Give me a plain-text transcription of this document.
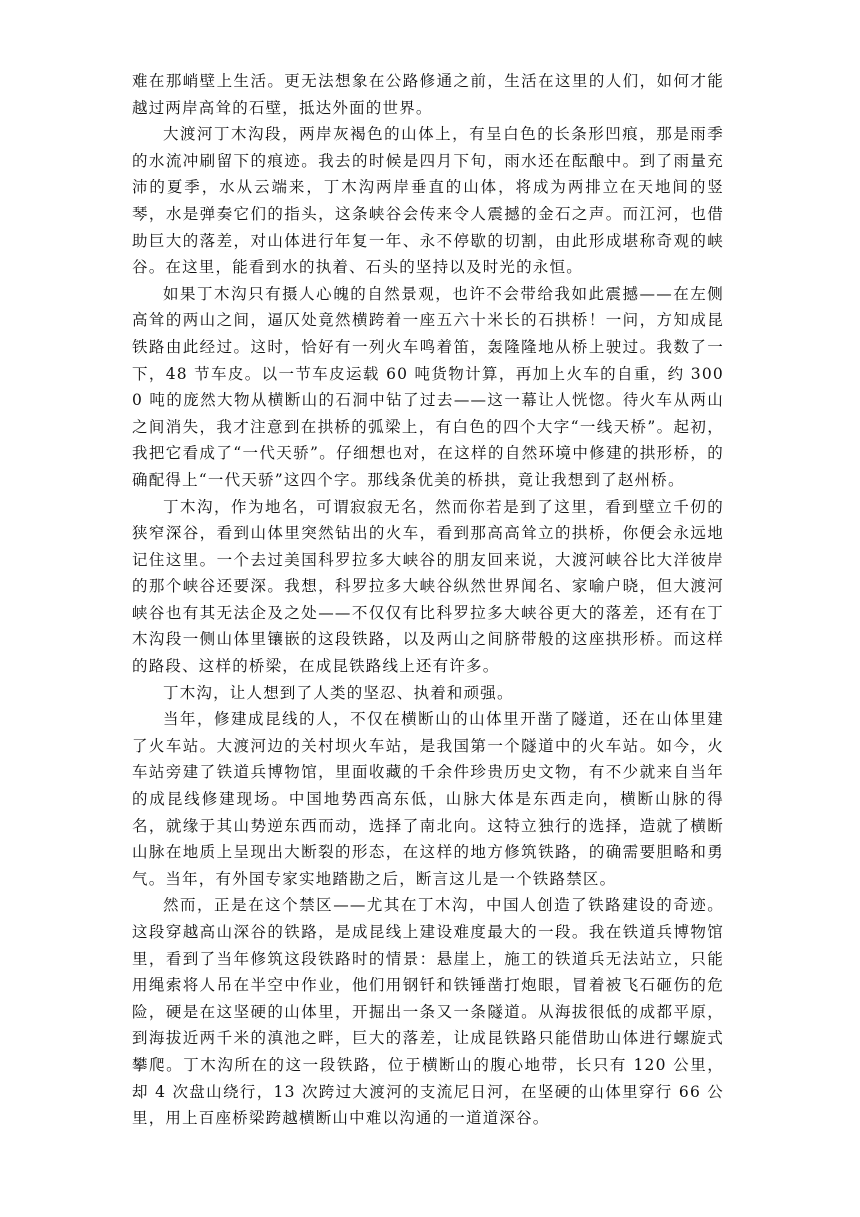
难在那峭壁上生活。更无法想象在公路修通之前，生活在这里的人们，如何才能越过两岸高耸的石壁，抵达外面的世界。

大渡河丁木沟段，两岸灰褐色的山体上，有呈白色的长条形凹痕，那是雨季的水流冲刷留下的痕迹。我去的时候是四月下旬，雨水还在酝酿中。到了雨量充沛的夏季，水从云端来，丁木沟两岸垂直的山体，将成为两排立在天地间的竖琴，水是弹奏它们的指头，这条峡谷会传来令人震撼的金石之声。而江河，也借助巨大的落差，对山体进行年复一年、永不停歇的切割，由此形成堪称奇观的峡谷。在这里，能看到水的执着、石头的坚持以及时光的永恒。

如果丁木沟只有摄人心魄的自然景观，也许不会带给我如此震撼——在左侧高耸的两山之间，逼仄处竟然横跨着一座五六十米长的石拱桥！一问，方知成昆铁路由此经过。这时，恰好有一列火车鸣着笛，轰隆隆地从桥上驶过。我数了一下，48 节车皮。以一节车皮运载 60 吨货物计算，再加上火车的自重，约 3000 吨的庞然大物从横断山的石洞中钻了过去——这一幕让人恍惚。待火车从两山之间消失，我才注意到在拱桥的弧梁上，有白色的四个大字“一线天桥”。起初，我把它看成了“一代天骄”。仔细想也对，在这样的自然环境中修建的拱形桥，的确配得上“一代天骄”这四个字。那线条优美的桥拱，竟让我想到了赵州桥。

丁木沟，作为地名，可谓寂寂无名，然而你若是到了这里，看到壁立千仞的狭窄深谷，看到山体里突然钻出的火车，看到那高高耸立的拱桥，你便会永远地记住这里。一个去过美国科罗拉多大峡谷的朋友回来说，大渡河峡谷比大洋彼岸的那个峡谷还要深。我想，科罗拉多大峡谷纵然世界闻名、家喻户晓，但大渡河峡谷也有其无法企及之处——不仅仅有比科罗拉多大峡谷更大的落差，还有在丁木沟段一侧山体里镶嵌的这段铁路，以及两山之间脐带般的这座拱形桥。而这样的路段、这样的桥梁，在成昆铁路线上还有许多。

丁木沟，让人想到了人类的坚忍、执着和顽强。

当年，修建成昆线的人，不仅在横断山的山体里开凿了隧道，还在山体里建了火车站。大渡河边的关村坝火车站，是我国第一个隧道中的火车站。如今，火车站旁建了铁道兵博物馆，里面收藏的千余件珍贵历史文物，有不少就来自当年的成昆线修建现场。中国地势西高东低，山脉大体是东西走向，横断山脉的得名，就缘于其山势逆东西而动，选择了南北向。这特立独行的选择，造就了横断山脉在地质上呈现出大断裂的形态，在这样的地方修筑铁路，的确需要胆略和勇气。当年，有外国专家实地踏勘之后，断言这儿是一个铁路禁区。

然而，正是在这个禁区——尤其在丁木沟，中国人创造了铁路建设的奇迹。这段穿越高山深谷的铁路，是成昆线上建设难度最大的一段。我在铁道兵博物馆里，看到了当年修筑这段铁路时的情景：悬崖上，施工的铁道兵无法站立，只能用绳索将人吊在半空中作业，他们用钢钎和铁锤凿打炮眼，冒着被飞石砸伤的危险，硬是在这坚硬的山体里，开掘出一条又一条隧道。从海拔很低的成都平原，到海拔近两千米的滇池之畔，巨大的落差，让成昆铁路只能借助山体进行螺旋式攀爬。丁木沟所在的这一段铁路，位于横断山的腹心地带，长只有 120 公里，却 4 次盘山绕行，13 次跨过大渡河的支流尼日河，在坚硬的山体里穿行 66 公里，用上百座桥梁跨越横断山中难以沟通的一道道深谷。
